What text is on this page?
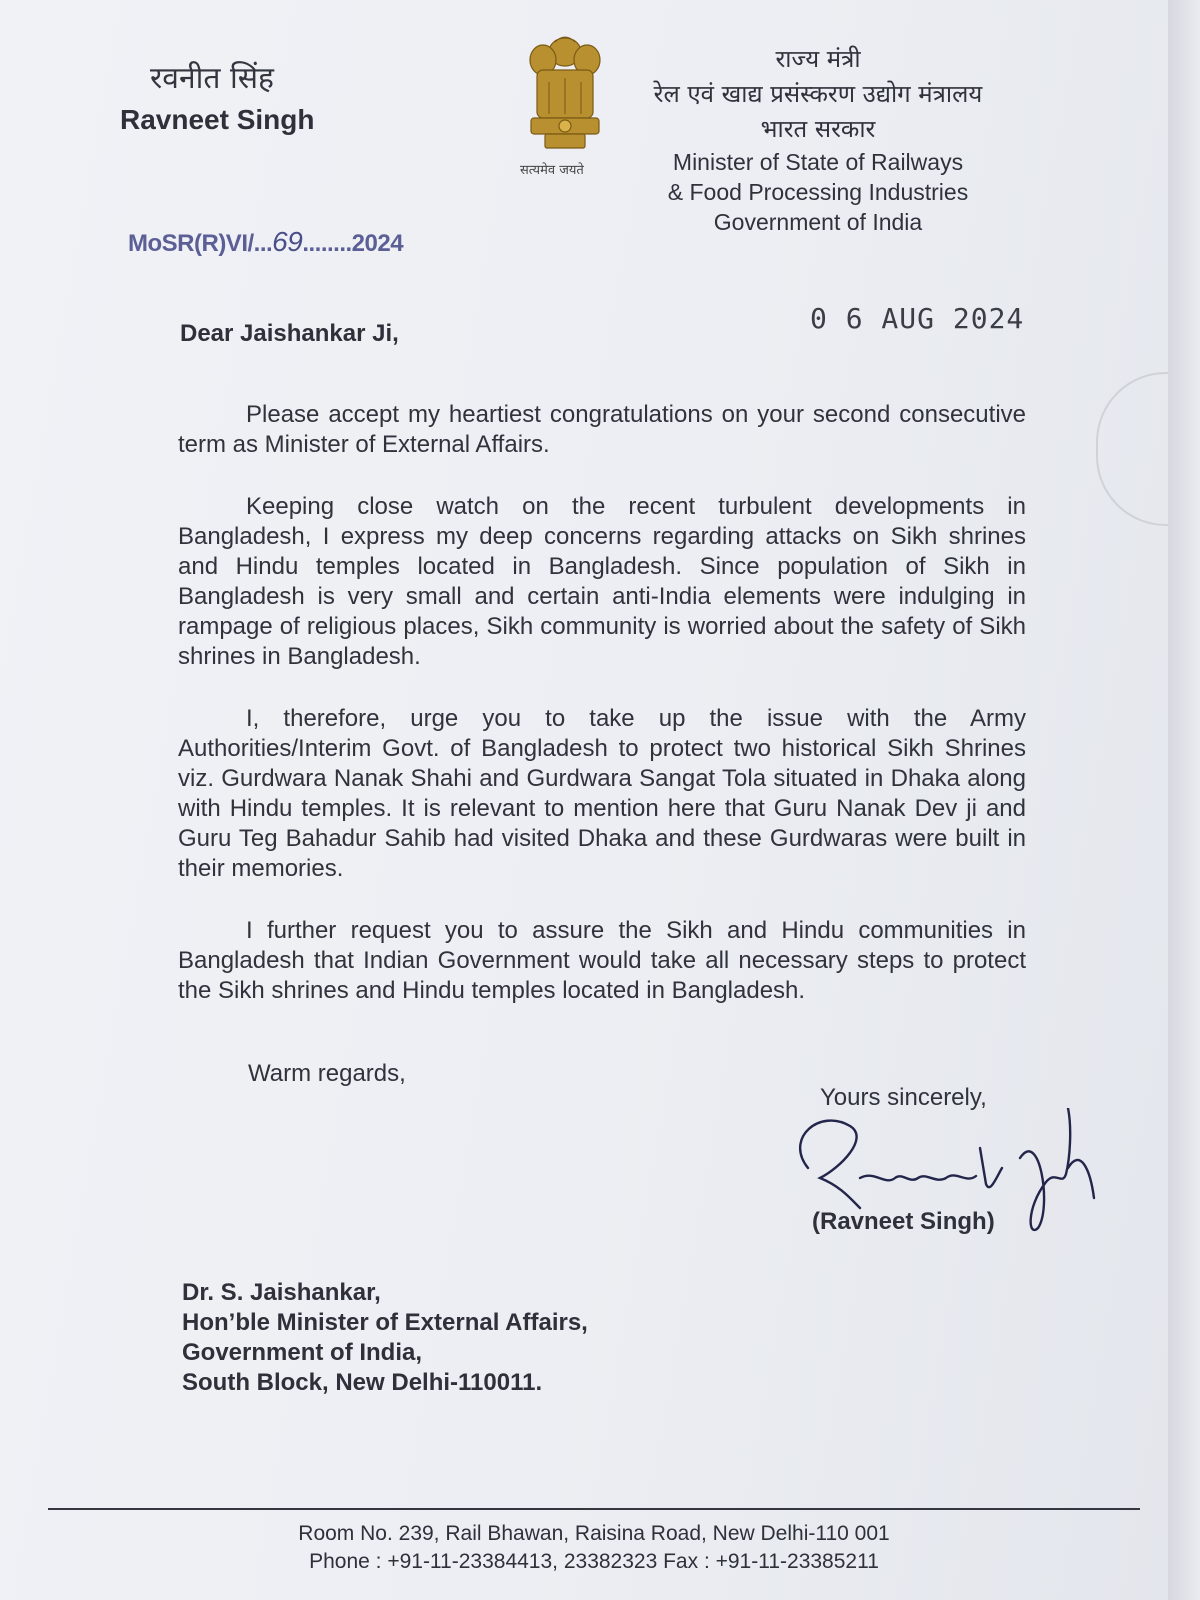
रवनीत सिंह
Ravneet Singh
सत्यमेव जयते
राज्य मंत्री
रेल एवं खाद्य प्रसंस्करण उद्योग मंत्रालय
भारत सरकार
Minister of State of Railways
& Food Processing Industries
Government of India
MoSR(R)VI/...69........2024
0 6 AUG 2024
Dear Jaishankar Ji,

Please accept my heartiest congratulations on your second consecutive term as Minister of External Affairs.

Keeping close watch on the recent turbulent developments in Bangladesh, I express my deep concerns regarding attacks on Sikh shrines and Hindu temples located in Bangladesh. Since population of Sikh in Bangladesh is very small and certain anti-India elements were indulging in rampage of religious places, Sikh community is worried about the safety of Sikh shrines in Bangladesh.

I, therefore, urge you to take up the issue with the Army Authorities/Interim Govt. of Bangladesh to protect two historical Sikh Shrines viz. Gurdwara Nanak Shahi and Gurdwara Sangat Tola situated in Dhaka along with Hindu temples. It is relevant to mention here that Guru Nanak Dev ji and Guru Teg Bahadur Sahib had visited Dhaka and these Gurdwaras were built in their memories.

I further request you to assure the Sikh and Hindu communities in Bangladesh that Indian Government would take all necessary steps to protect the Sikh shrines and Hindu temples located in Bangladesh.

Warm regards,
Yours sincerely,
(Ravneet Singh)
Dr. S. Jaishankar,
Hon’ble Minister of External Affairs,
Government of India,
South Block, New Delhi-110011.
Room No. 239, Rail Bhawan, Raisina Road, New Delhi-110 001
Phone : +91-11-23384413, 23382323 Fax : +91-11-23385211
